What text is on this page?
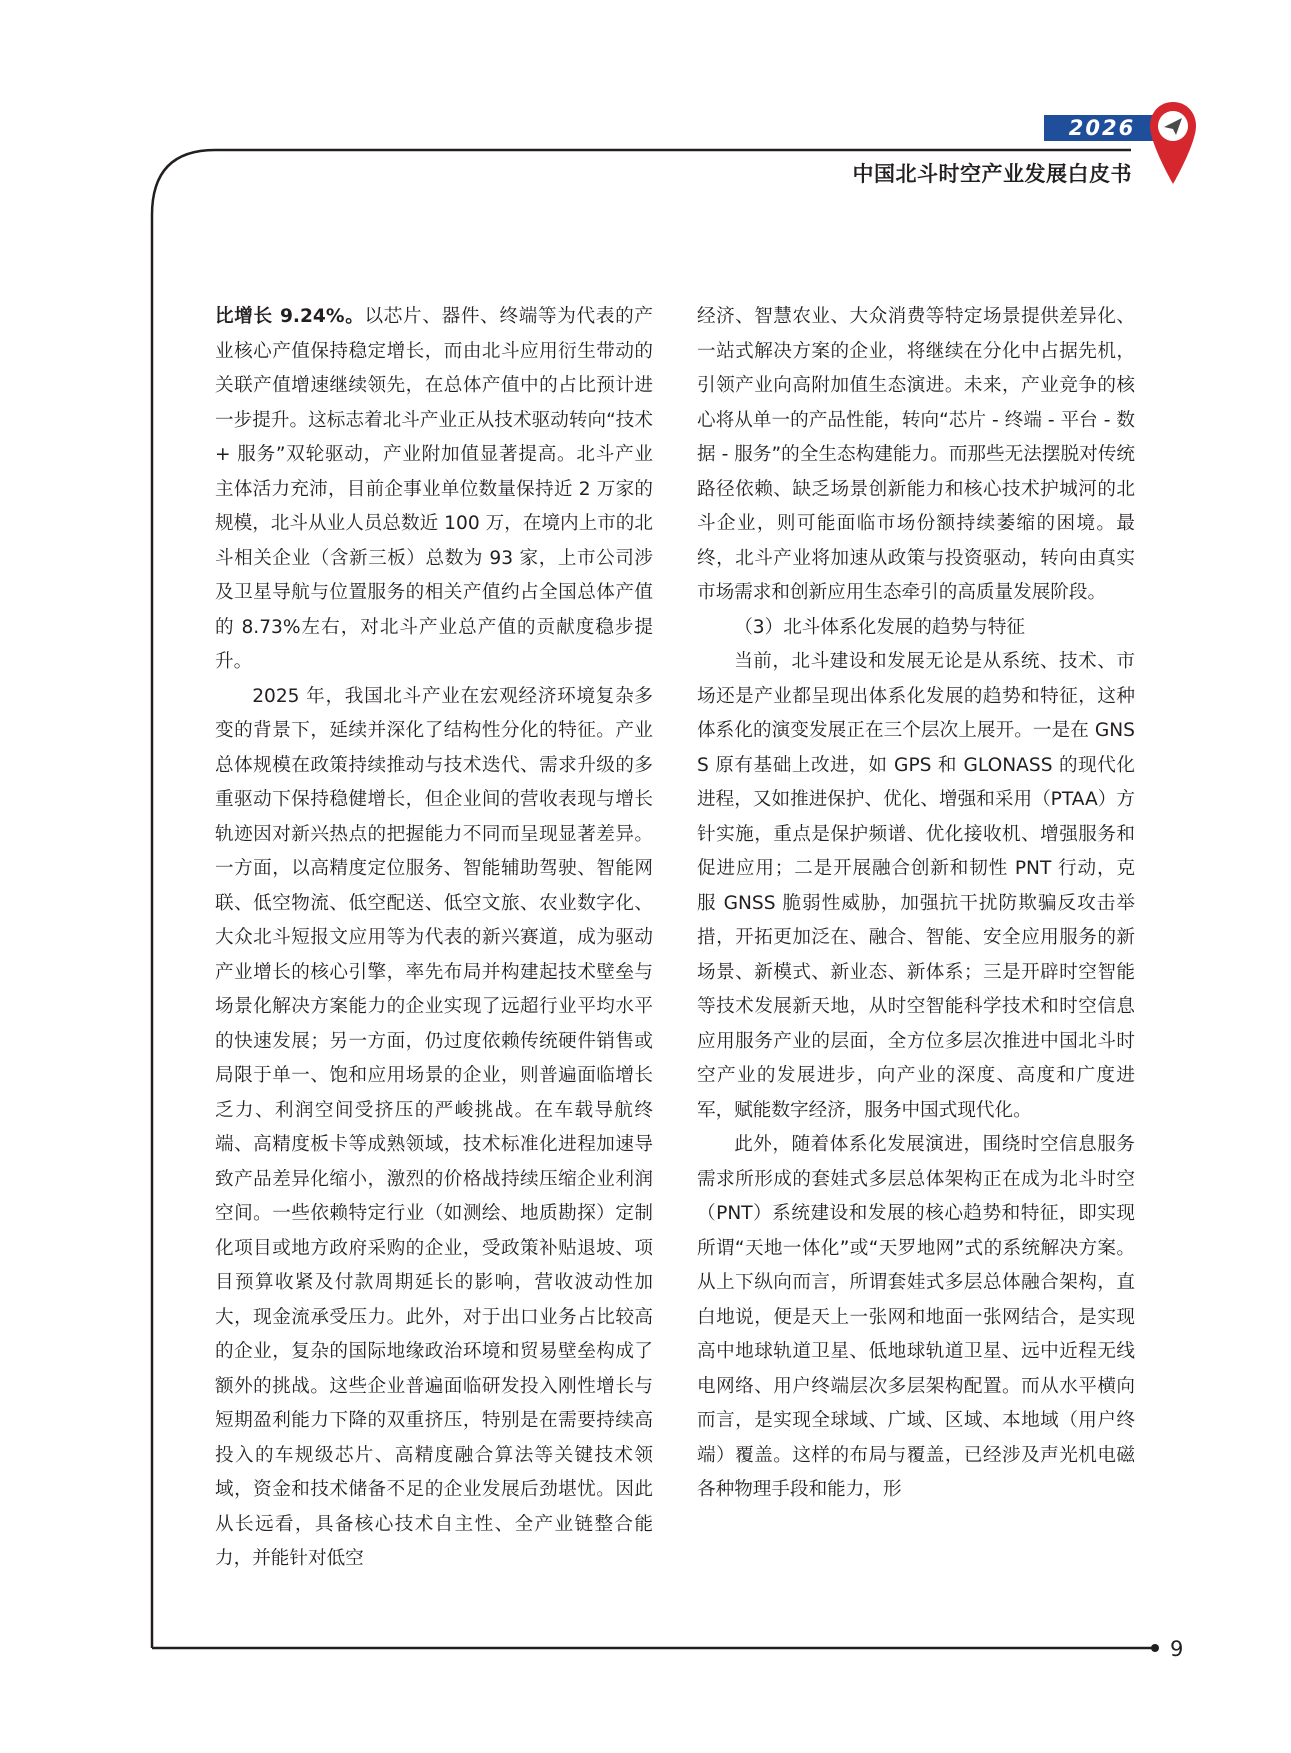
2026
中国北斗时空产业发展白皮书

比增长 9.24%。以芯片、器件、终端等为代表的产业核心产值保持稳定增长，而由北斗应用衍生带动的关联产值增速继续领先，在总体产值中的占比预计进一步提升。这标志着北斗产业正从技术驱动转向“技术 + 服务”双轮驱动，产业附加值显著提高。北斗产业主体活力充沛，目前企事业单位数量保持近 2 万家的规模，北斗从业人员总数近 100 万，在境内上市的北斗相关企业（含新三板）总数为 93 家，上市公司涉及卫星导航与位置服务的相关产值约占全国总体产值的 8.73%左右，对北斗产业总产值的贡献度稳步提升。

2025 年，我国北斗产业在宏观经济环境复杂多变的背景下，延续并深化了结构性分化的特征。产业总体规模在政策持续推动与技术迭代、需求升级的多重驱动下保持稳健增长，但企业间的营收表现与增长轨迹因对新兴热点的把握能力不同而呈现显著差异。一方面，以高精度定位服务、智能辅助驾驶、智能网联、低空物流、低空配送、低空文旅、农业数字化、大众北斗短报文应用等为代表的新兴赛道，成为驱动产业增长的核心引擎，率先布局并构建起技术壁垒与场景化解决方案能力的企业实现了远超行业平均水平的快速发展；另一方面，仍过度依赖传统硬件销售或局限于单一、饱和应用场景的企业，则普遍面临增长乏力、利润空间受挤压的严峻挑战。在车载导航终端、高精度板卡等成熟领域，技术标准化进程加速导致产品差异化缩小，激烈的价格战持续压缩企业利润空间。一些依赖特定行业（如测绘、地质勘探）定制化项目或地方政府采购的企业，受政策补贴退坡、项目预算收紧及付款周期延长的影响，营收波动性加大，现金流承受压力。此外，对于出口业务占比较高的企业，复杂的国际地缘政治环境和贸易壁垒构成了额外的挑战。这些企业普遍面临研发投入刚性增长与短期盈利能力下降的双重挤压，特别是在需要持续高投入的车规级芯片、高精度融合算法等关键技术领域，资金和技术储备不足的企业发展后劲堪忧。因此从长远看，具备核心技术自主性、全产业链整合能力，并能针对低空

经济、智慧农业、大众消费等特定场景提供差异化、一站式解决方案的企业，将继续在分化中占据先机，引领产业向高附加值生态演进。未来，产业竞争的核心将从单一的产品性能，转向“芯片 - 终端 - 平台 - 数据 - 服务”的全生态构建能力。而那些无法摆脱对传统路径依赖、缺乏场景创新能力和核心技术护城河的北斗企业，则可能面临市场份额持续萎缩的困境。最终，北斗产业将加速从政策与投资驱动，转向由真实市场需求和创新应用生态牵引的高质量发展阶段。

（3）北斗体系化发展的趋势与特征

当前，北斗建设和发展无论是从系统、技术、市场还是产业都呈现出体系化发展的趋势和特征，这种体系化的演变发展正在三个层次上展开。一是在 GNSS 原有基础上改进，如 GPS 和 GLONASS 的现代化进程，又如推进保护、优化、增强和采用（PTAA）方针实施，重点是保护频谱、优化接收机、增强服务和促进应用；二是开展融合创新和韧性 PNT 行动，克服 GNSS 脆弱性威胁，加强抗干扰防欺骗反攻击举措，开拓更加泛在、融合、智能、安全应用服务的新场景、新模式、新业态、新体系；三是开辟时空智能等技术发展新天地，从时空智能科学技术和时空信息应用服务产业的层面，全方位多层次推进中国北斗时空产业的发展进步，向产业的深度、高度和广度进军，赋能数字经济，服务中国式现代化。

此外，随着体系化发展演进，围绕时空信息服务需求所形成的套娃式多层总体架构正在成为北斗时空（PNT）系统建设和发展的核心趋势和特征，即实现所谓“天地一体化”或“天罗地网”式的系统解决方案。从上下纵向而言，所谓套娃式多层总体融合架构，直白地说，便是天上一张网和地面一张网结合，是实现高中地球轨道卫星、低地球轨道卫星、远中近程无线电网络、用户终端层次多层架构配置。而从水平横向而言，是实现全球域、广域、区域、本地域（用户终端）覆盖。这样的布局与覆盖，已经涉及声光机电磁各种物理手段和能力，形

9
